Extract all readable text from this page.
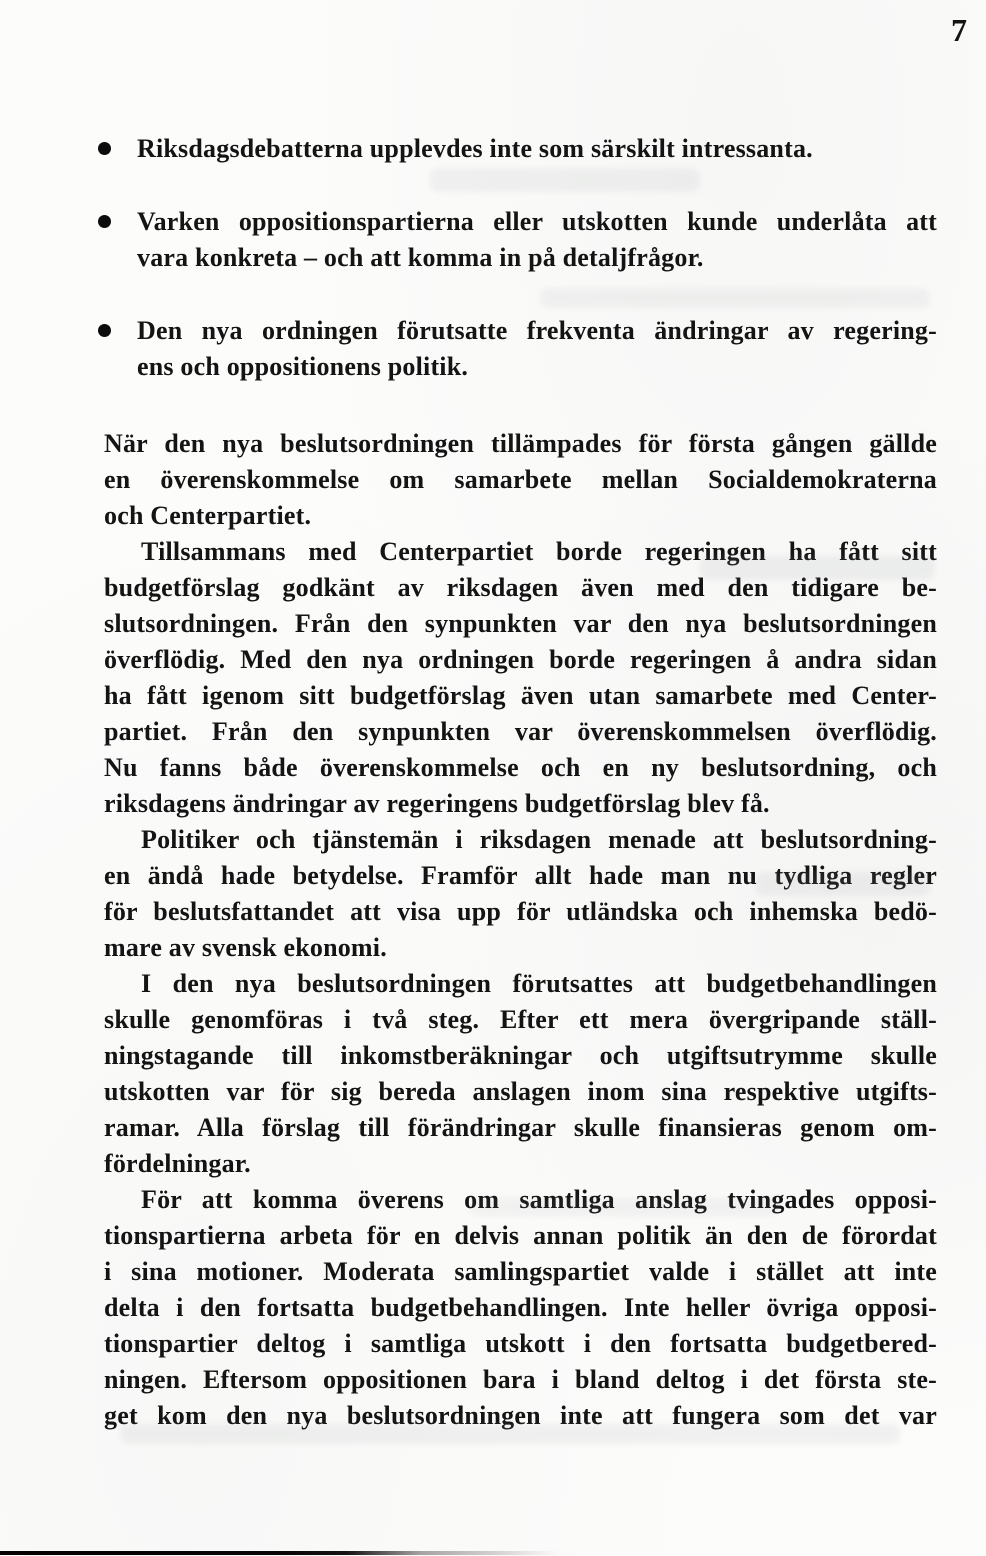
7
Riksdagsdebatterna upplevdes inte som särskilt intressanta.
Varken oppositionspartierna eller utskotten kunde underlåta att
vara konkreta – och att komma in på detaljfrågor.
Den nya ordningen förutsatte frekventa ändringar av regering-
ens och oppositionens politik.
När den nya beslutsordningen tillämpades för första gången gällde
en överenskommelse om samarbete mellan Socialdemokraterna
och Centerpartiet.
Tillsammans med Centerpartiet borde regeringen ha fått sitt
budgetförslag godkänt av riksdagen även med den tidigare be-
slutsordningen. Från den synpunkten var den nya beslutsordningen
överflödig. Med den nya ordningen borde regeringen å andra sidan
ha fått igenom sitt budgetförslag även utan samarbete med Center-
partiet. Från den synpunkten var överenskommelsen överflödig.
Nu fanns både överenskommelse och en ny beslutsordning, och
riksdagens ändringar av regeringens budgetförslag blev få.
Politiker och tjänstemän i riksdagen menade att beslutsordning-
en ändå hade betydelse. Framför allt hade man nu tydliga regler
för beslutsfattandet att visa upp för utländska och inhemska bedö-
mare av svensk ekonomi.
I den nya beslutsordningen förutsattes att budgetbehandlingen
skulle genomföras i två steg. Efter ett mera övergripande ställ-
ningstagande till inkomstberäkningar och utgiftsutrymme skulle
utskotten var för sig bereda anslagen inom sina respektive utgifts-
ramar. Alla förslag till förändringar skulle finansieras genom om-
fördelningar.
För att komma överens om samtliga anslag tvingades opposi-
tionspartierna arbeta för en delvis annan politik än den de förordat
i sina motioner. Moderata samlingspartiet valde i stället att inte
delta i den fortsatta budgetbehandlingen. Inte heller övriga opposi-
tionspartier deltog i samtliga utskott i den fortsatta budgetbered-
ningen. Eftersom oppositionen bara i bland deltog i det första ste-
get kom den nya beslutsordningen inte att fungera som det var
